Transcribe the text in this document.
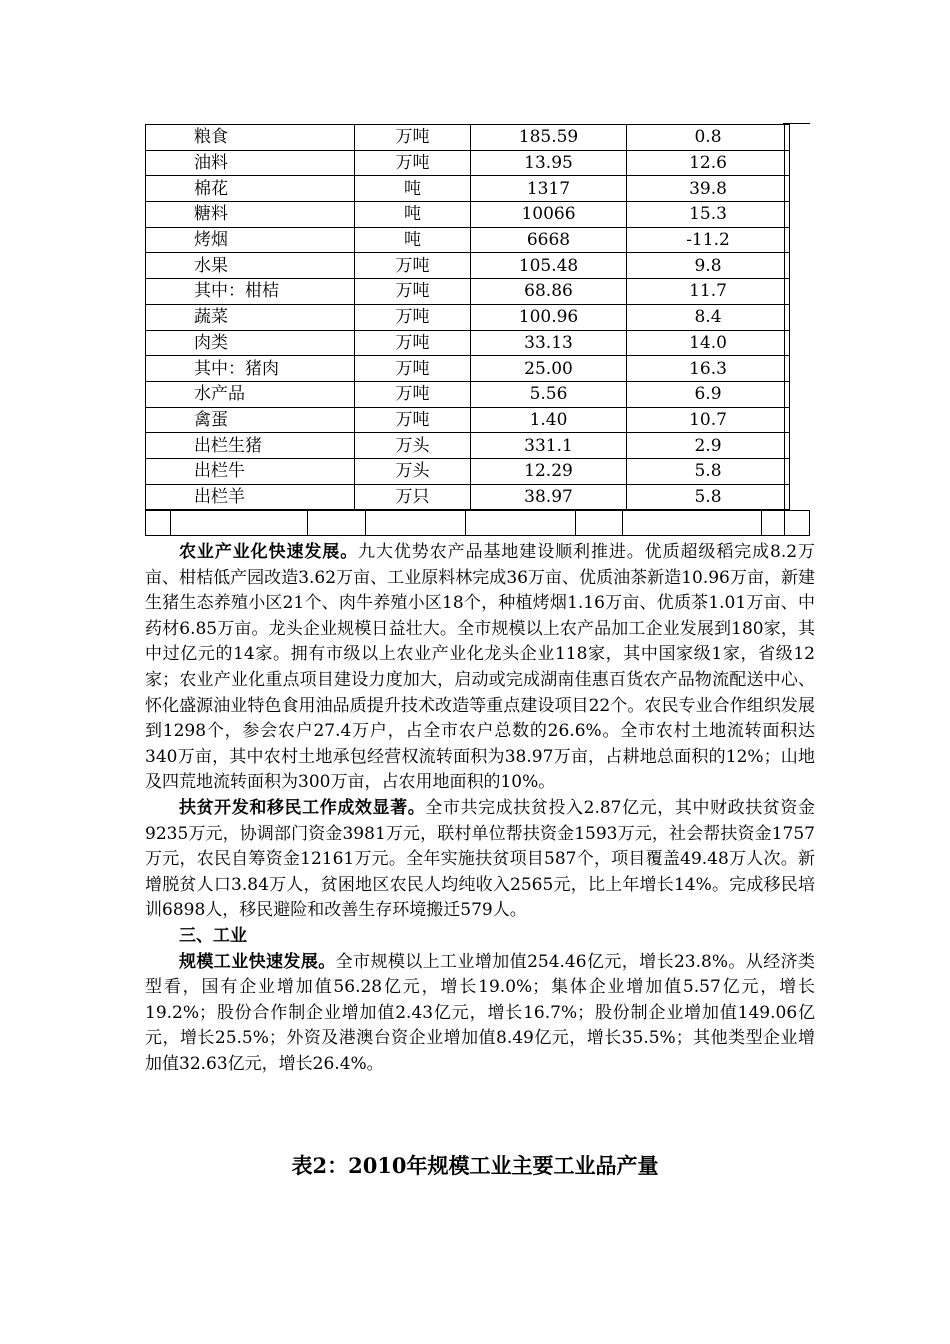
粮食	万吨	185.59	0.8
油料	万吨	13.95	12.6
棉花	吨	1317	39.8
糖料	吨	10066	15.3
烤烟	吨	6668	-11.2
水果	万吨	105.48	9.8
其中：柑桔	万吨	68.86	11.7
蔬菜	万吨	100.96	8.4
肉类	万吨	33.13	14.0
其中：猪肉	万吨	25.00	16.3
水产品	万吨	5.56	6.9
禽蛋	万吨	1.40	10.7
出栏生猪	万头	331.1	2.9
出栏牛	万头	12.29	5.8
出栏羊	万只	38.97	5.8

农业产业化快速发展。九大优势农产品基地建设顺利推进。优质超级稻完成8.2万亩、柑桔低产园改造3.62万亩、工业原料林完成36万亩、优质油茶新造10.96万亩，新建生猪生态养殖小区21个、肉牛养殖小区18个，种植烤烟1.16万亩、优质茶1.01万亩、中药材6.85万亩。龙头企业规模日益壮大。全市规模以上农产品加工企业发展到180家，其中过亿元的14家。拥有市级以上农业产业化龙头企业118家，其中国家级1家，省级12家；农业产业化重点项目建设力度加大，启动或完成湖南佳惠百货农产品物流配送中心、怀化盛源油业特色食用油品质提升技术改造等重点建设项目22个。农民专业合作组织发展到1298个，参会农户27.4万户，占全市农户总数的26.6%。全市农村土地流转面积达340万亩，其中农村土地承包经营权流转面积为38.97万亩，占耕地总面积的12%；山地及四荒地流转面积为300万亩，占农用地面积的10%。

扶贫开发和移民工作成效显著。全市共完成扶贫投入2.87亿元，其中财政扶贫资金9235万元，协调部门资金3981万元，联村单位帮扶资金1593万元，社会帮扶资金1757万元，农民自筹资金12161万元。全年实施扶贫项目587个，项目覆盖49.48万人次。新增脱贫人口3.84万人，贫困地区农民人均纯收入2565元，比上年增长14%。完成移民培训6898人，移民避险和改善生存环境搬迁579人。

三、工业

规模工业快速发展。全市规模以上工业增加值254.46亿元，增长23.8%。从经济类型看，国有企业增加值56.28亿元，增长19.0%；集体企业增加值5.57亿元，增长19.2%；股份合作制企业增加值2.43亿元，增长16.7%；股份制企业增加值149.06亿元，增长25.5%；外资及港澳台资企业增加值8.49亿元，增长35.5%；其他类型企业增加值32.63亿元，增长26.4%。

表2：2010年规模工业主要工业品产量
